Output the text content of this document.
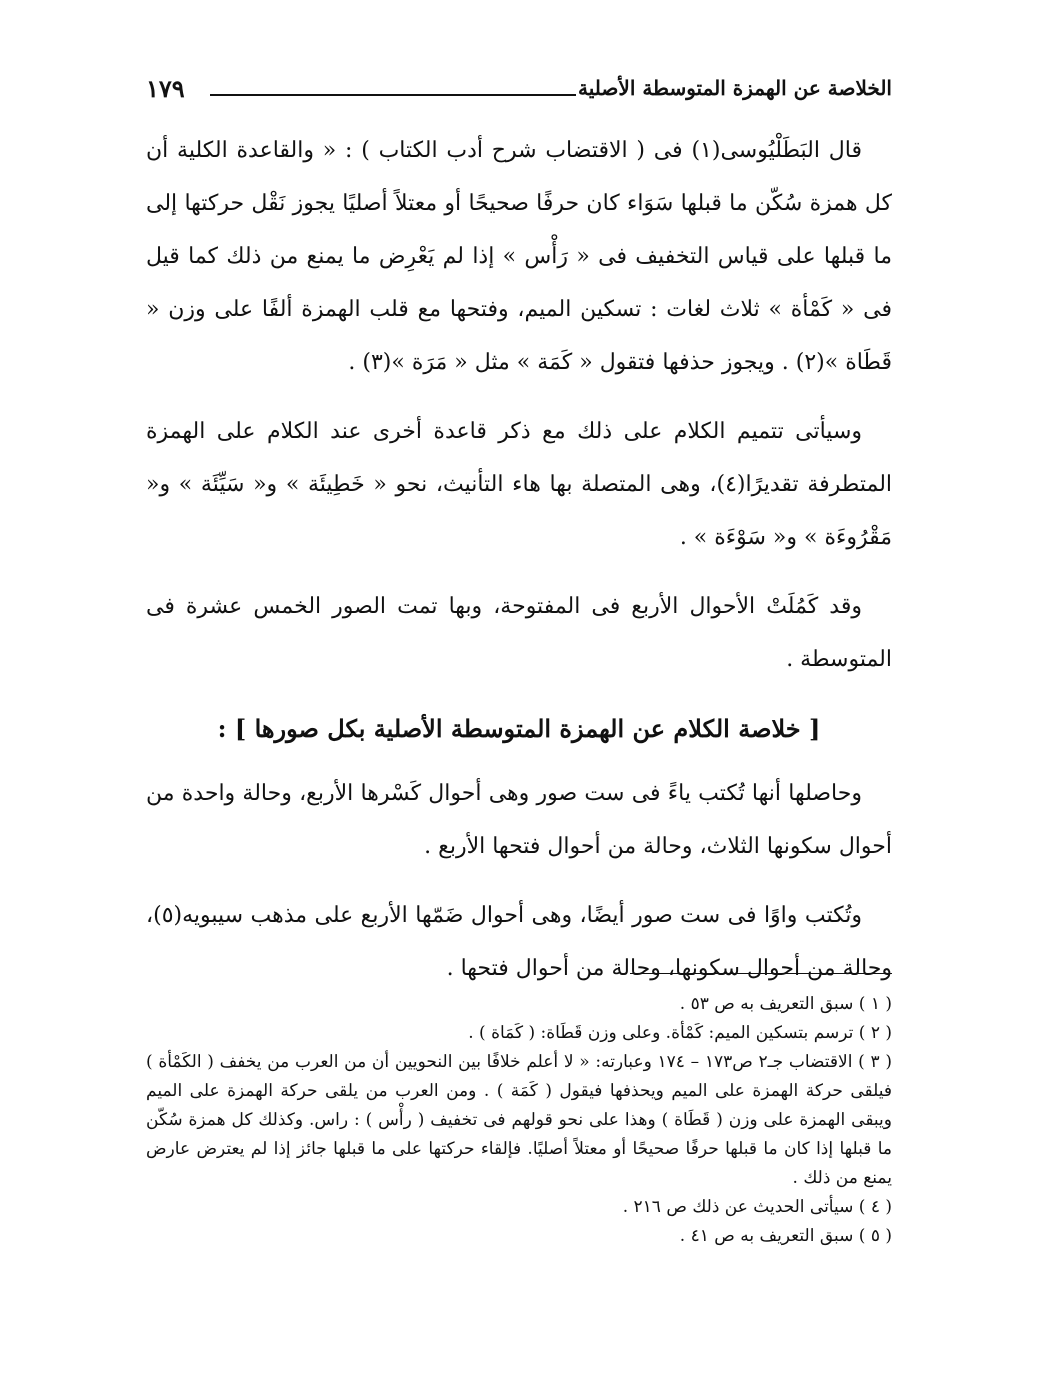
الخلاصة عن الهمزة المتوسطة الأصلية
١٧٩

قال البَطَلْيُوسى(١) فى ( الاقتضاب شرح أدب الكتاب ) : « والقاعدة الكلية أن كل همزة سُكّن ما قبلها سَوَاء كان حرفًا صحيحًا أو معتلاً أصليًا يجوز نَقْل حركتها إلى ما قبلها على قياس التخفيف فى « رَأْس » إذا لم يَعْرِض ما يمنع من ذلك كما قيل فى « كَمْأة » ثلاث لغات : تسكين الميم، وفتحها مع قلب الهمزة ألفًا على وزن « قَطَاة »(٢) . ويجوز حذفها فتقول « كَمَة » مثل « مَرَة »(٣) .

وسيأتى تتميم الكلام على ذلك مع ذكر قاعدة أخرى عند الكلام على الهمزة المتطرفة تقديرًا(٤)، وهى المتصلة بها هاء التأنيث، نحو « خَطِيئَة » و« سَيِّئَة » و« مَقْرُوءَة » و« سَوْءَة » .

وقد كَمُلَتْ الأحوال الأربع فى المفتوحة، وبها تمت الصور الخمس عشرة فى المتوسطة .

[ خلاصة الكلام عن الهمزة المتوسطة الأصلية بكل صورها ] :

وحاصلها أنها تُكتب ياءً فى ست صور وهى أحوال كَسْرها الأربع، وحالة واحدة من أحوال سكونها الثلاث، وحالة من أحوال فتحها الأربع .

وتُكتب واوًا فى ست صور أيضًا، وهى أحوال ضَمّها الأربع على مذهب سيبويه(٥)، وحالة من أحوال سكونها، وحالة من أحوال فتحها .

( ١ ) سبق التعريف به ص ٥٣ .

( ٢ ) ترسم بتسكين الميم: كَمْأة. وعلى وزن قَطَاة: ( كَمَاة ) .

( ٣ ) الاقتضاب جـ٢ ص١٧٣ – ١٧٤ وعبارته: « لا أعلم خلافًا بين النحويين أن من العرب من يخفف ( الكَمْأة ) فيلقى حركة الهمزة على الميم ويحذفها فيقول ( كَمَة ) . ومن العرب من يلقى حركة الهمزة على الميم ويبقى الهمزة على وزن ( قَطَاة ) وهذا على نحو قولهم فى تخفيف ( رأْس ) : راس. وكذلك كل همزة سُكّن ما قبلها إذا كان ما قبلها حرفًا صحيحًا أو معتلاً أصليًا. فإلقاء حركتها على ما قبلها جائز إذا لم يعترض عارض يمنع من ذلك .

( ٤ ) سيأتى الحديث عن ذلك ص ٢١٦ .

( ٥ ) سبق التعريف به ص ٤١ .
